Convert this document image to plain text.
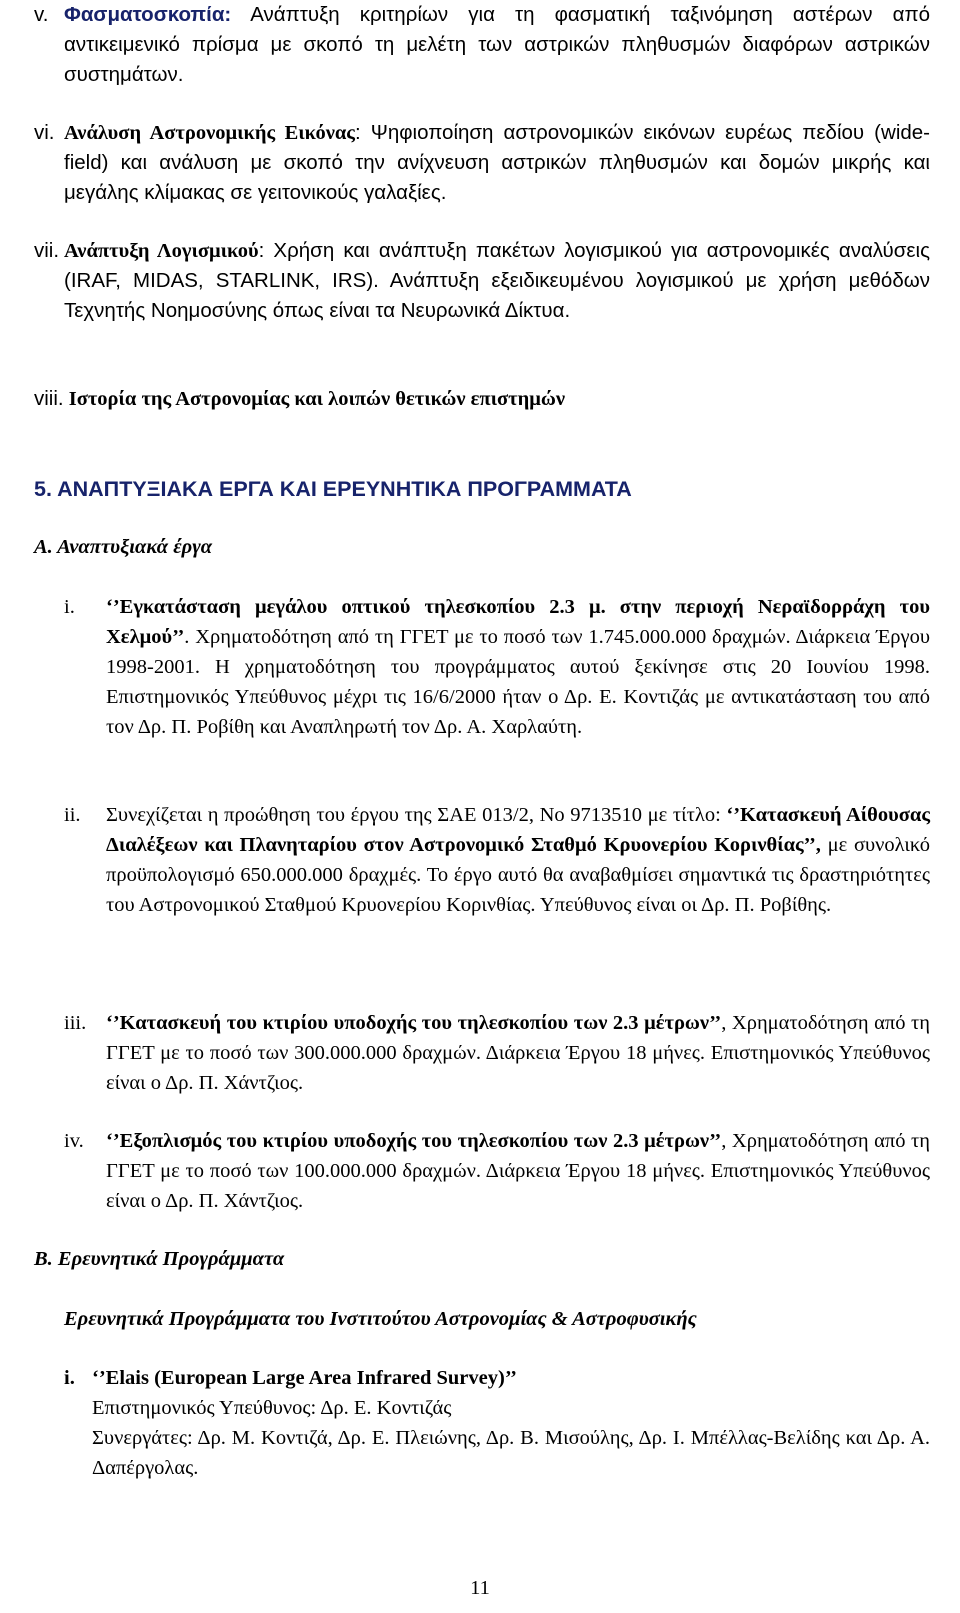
v. Φασματοσκοπία: Ανάπτυξη κριτηρίων για τη φασματική ταξινόμηση αστέρων από αντικειμενικό πρίσμα με σκοπό τη μελέτη των αστρικών πληθυσμών διαφόρων αστρικών συστημάτων.
vi. Ανάλυση Αστρονομικής Εικόνας: Ψηφιοποίηση αστρονομικών εικόνων ευρέως πεδίου (wide-field) και ανάλυση με σκοπό την ανίχνευση αστρικών πληθυσμών και δομών μικρής και μεγάλης κλίμακας σε γειτονικούς γαλαξίες.
vii. Ανάπτυξη Λογισμικού: Χρήση και ανάπτυξη πακέτων λογισμικού για αστρονομικές αναλύσεις (IRAF, MIDAS, STARLINK, IRS). Ανάπτυξη εξειδικευμένου λογισμικού με χρήση μεθόδων Τεχνητής Νοημοσύνης όπως είναι τα Νευρωνικά Δίκτυα.
viii. Ιστορία της Αστρονομίας και λοιπών θετικών επιστημών
5. ΑΝΑΠΤΥΞΙΑΚΑ ΕΡΓΑ ΚΑΙ ΕΡΕΥΝΗΤΙΚΑ ΠΡΟΓΡΑΜΜΑΤΑ
Α. Αναπτυξιακά έργα
i. ‘’Εγκατάσταση μεγάλου οπτικού τηλεσκοπίου 2.3 μ. στην περιοχή Νεραϊδορράχη του Χελμού’’. Χρηματοδότηση από τη ΓΓΕΤ με το ποσό των 1.745.000.000 δραχμών. Διάρκεια Έργου 1998-2001. Η χρηματοδότηση του προγράμματος αυτού ξεκίνησε στις 20 Ιουνίου 1998. Επιστημονικός Υπεύθυνος μέχρι τις 16/6/2000 ήταν ο Δρ. Ε. Κοντιζάς με αντικατάσταση του από τον Δρ. Π. Ροβίθη και Αναπληρωτή τον Δρ. Α. Χαρλαύτη.
ii. Συνεχίζεται η προώθηση του έργου της ΣΑΕ 013/2, Νο 9713510 με τίτλο: ‘’Κατασκευή Αίθουσας Διαλέξεων και Πλανηταρίου στον Αστρονομικό Σταθμό Κρυονερίου Κορινθίας’’, με συνολικό προϋπολογισμό 650.000.000 δραχμές. Το έργο αυτό θα αναβαθμίσει σημαντικά τις δραστηριότητες του Αστρονομικού Σταθμού Κρυονερίου Κορινθίας. Υπεύθυνος είναι οι Δρ. Π. Ροβίθης.
iii. ‘’Κατασκευή του κτιρίου υποδοχής του τηλεσκοπίου των 2.3 μέτρων’’, Χρηματοδότηση από τη ΓΓΕΤ με το ποσό των 300.000.000 δραχμών. Διάρκεια Έργου 18 μήνες. Επιστημονικός Υπεύθυνος είναι ο Δρ. Π. Χάντζιος.
iv. ‘’Εξοπλισμός του κτιρίου υποδοχής του τηλεσκοπίου των 2.3 μέτρων’’, Χρηματοδότηση από τη ΓΓΕΤ με το ποσό των 100.000.000 δραχμών. Διάρκεια Έργου 18 μήνες. Επιστημονικός Υπεύθυνος είναι ο Δρ. Π. Χάντζιος.
Β. Ερευνητικά Προγράμματα
Ερευνητικά Προγράμματα του Ινστιτούτου Αστρονομίας & Αστροφυσικής
i. ‘’Elais (European Large Area Infrared Survey)’’
Επιστημονικός Υπεύθυνος: Δρ. Ε. Κοντιζάς
Συνεργάτες: Δρ. Μ. Κοντιζά, Δρ. Ε. Πλειώνης, Δρ. Β. Μισούλης, Δρ. Ι. Μπέλλας-Βελίδης και Δρ. Α. Δαπέργολας.
11
